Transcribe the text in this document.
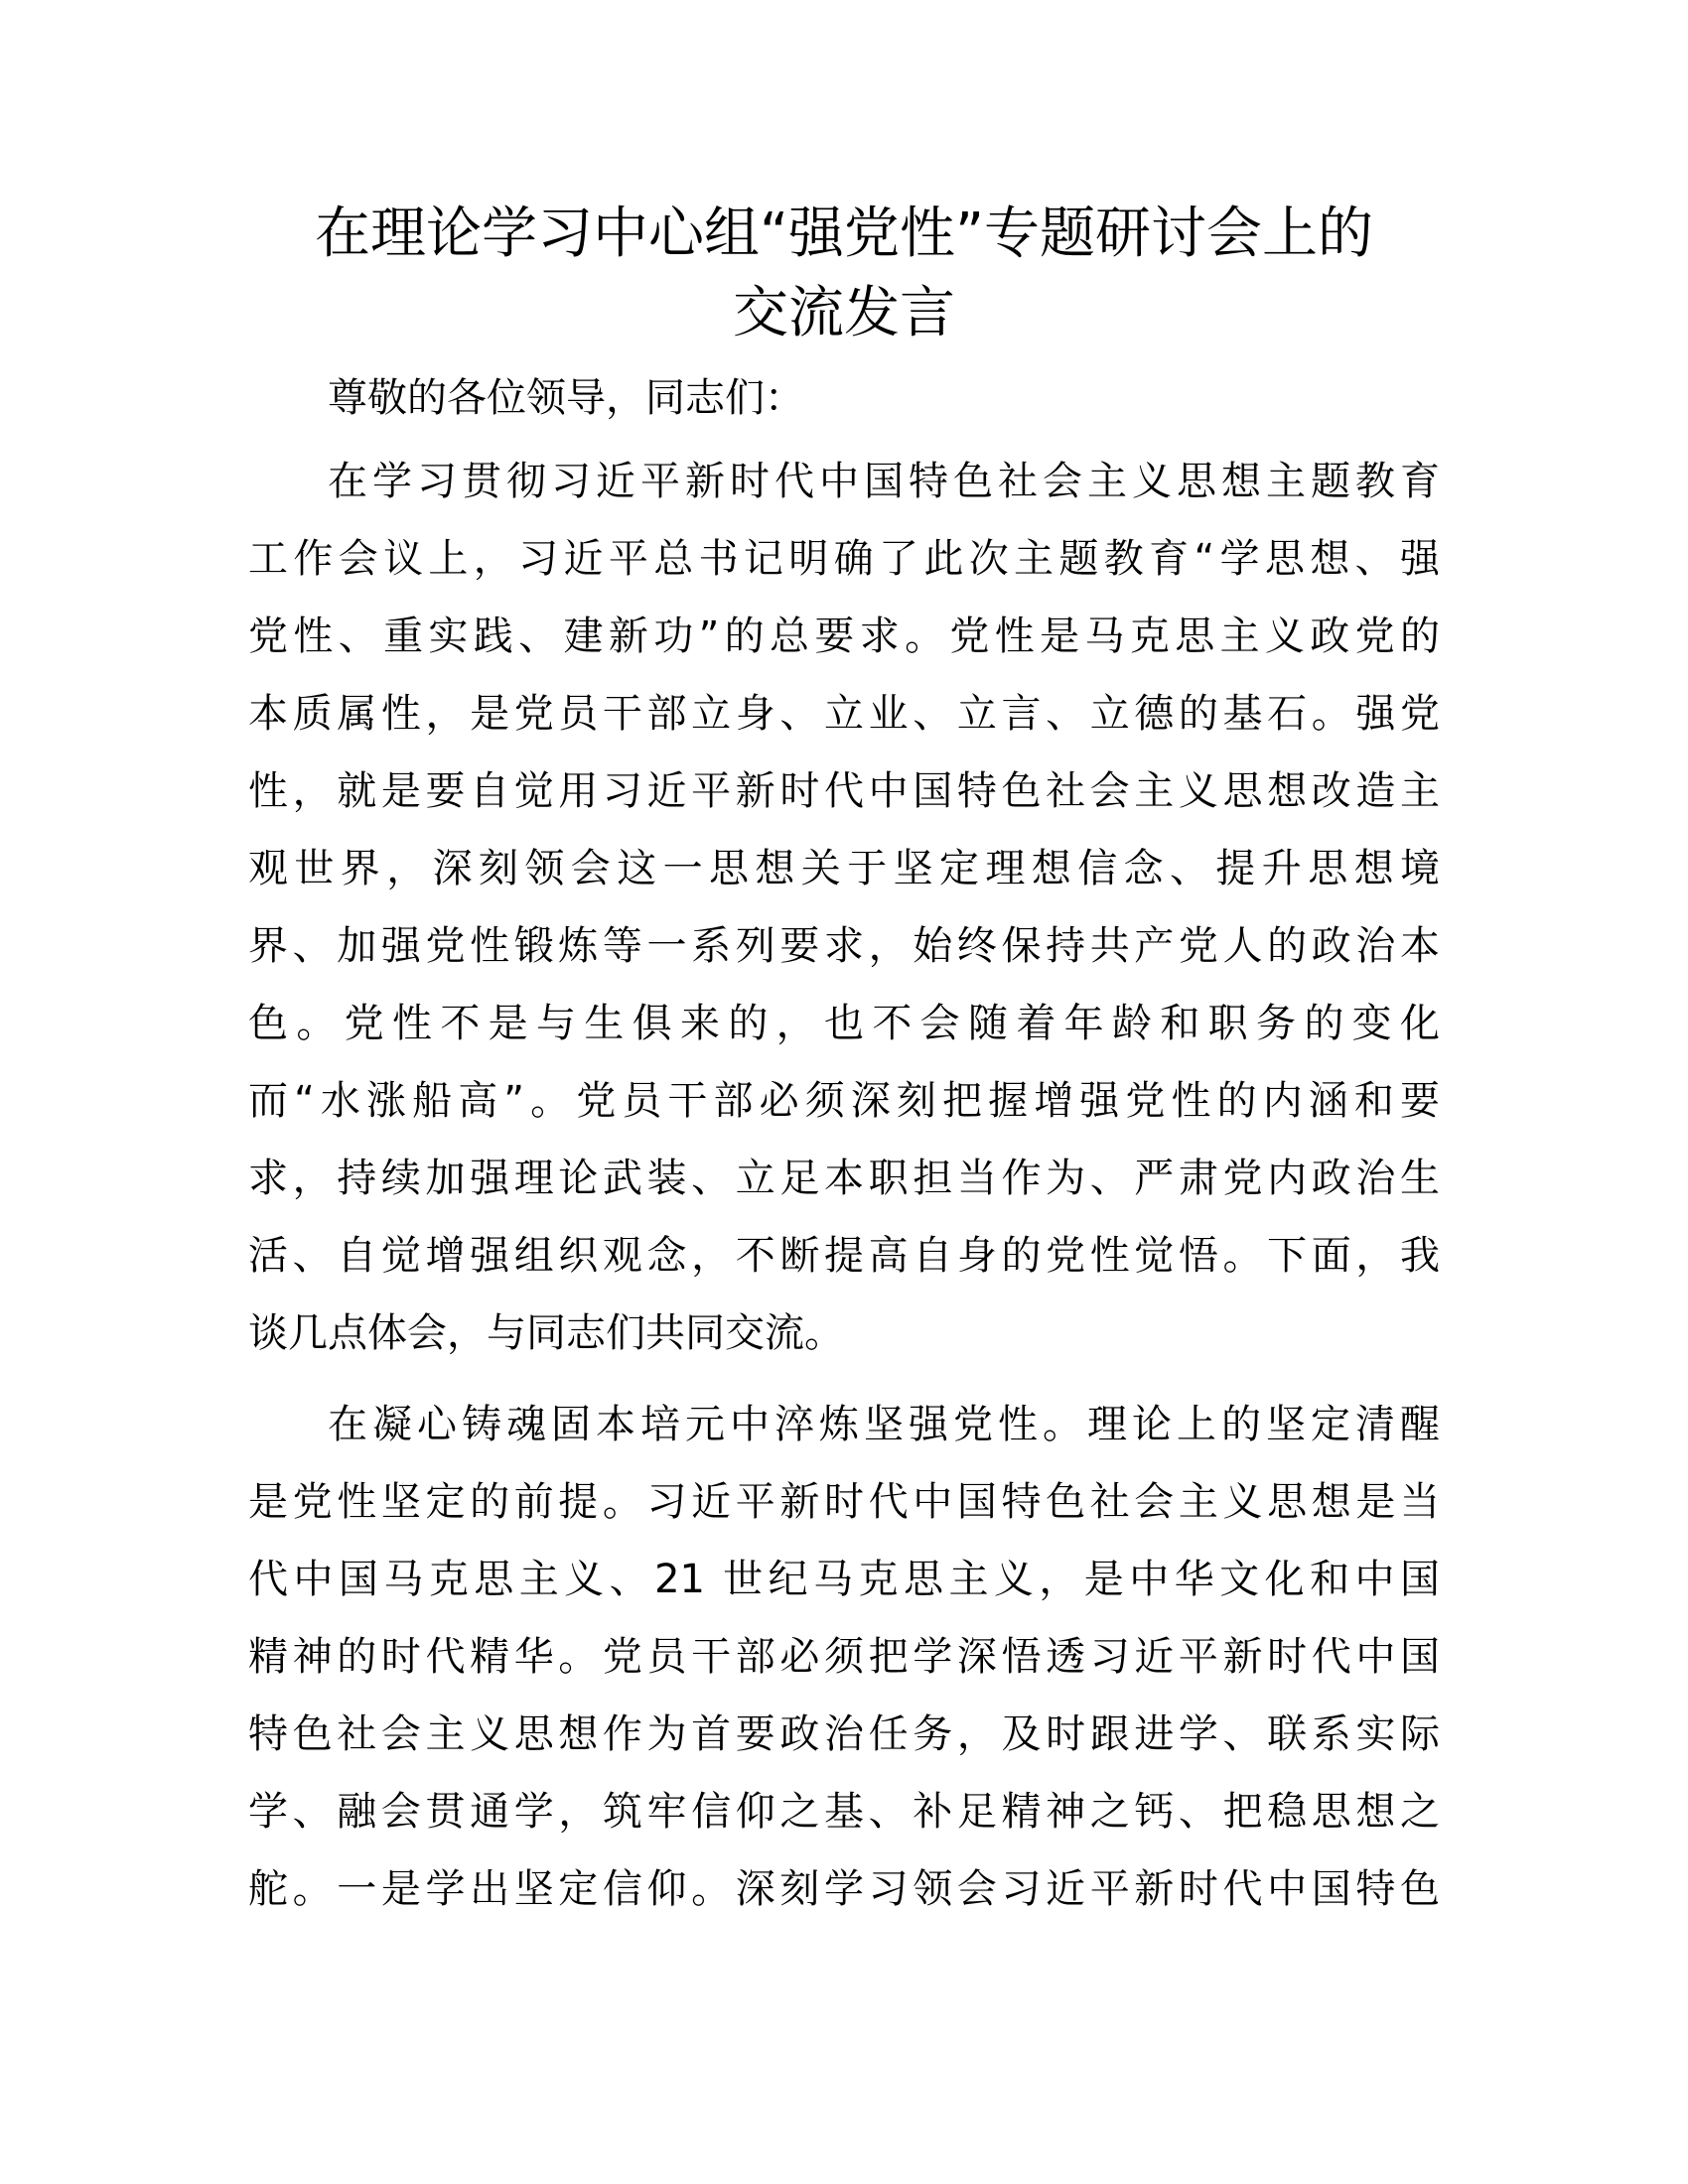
在理论学习中心组“强党性”专题研讨会上的
交流发言

尊敬的各位领导，同志们：

在学习贯彻习近平新时代中国特色社会主义思想主题教育
工作会议上，习近平总书记明确了此次主题教育“学思想、强
党性、重实践、建新功”的总要求。党性是马克思主义政党的
本质属性，是党员干部立身、立业、立言、立德的基石。强党
性，就是要自觉用习近平新时代中国特色社会主义思想改造主
观世界，深刻领会这一思想关于坚定理想信念、提升思想境
界、加强党性锻炼等一系列要求，始终保持共产党人的政治本
色。党性不是与生俱来的，也不会随着年龄和职务的变化
而“水涨船高”。党员干部必须深刻把握增强党性的内涵和要
求，持续加强理论武装、立足本职担当作为、严肃党内政治生
活、自觉增强组织观念，不断提高自身的党性觉悟。下面，我
谈几点体会，与同志们共同交流。
在凝心铸魂固本培元中淬炼坚强党性。理论上的坚定清醒
是党性坚定的前提。习近平新时代中国特色社会主义思想是当
代中国马克思主义、21 世纪马克思主义，是中华文化和中国
精神的时代精华。党员干部必须把学深悟透习近平新时代中国
特色社会主义思想作为首要政治任务，及时跟进学、联系实际
学、融会贯通学，筑牢信仰之基、补足精神之钙、把稳思想之
舵。一是学出坚定信仰。深刻学习领会习近平新时代中国特色
